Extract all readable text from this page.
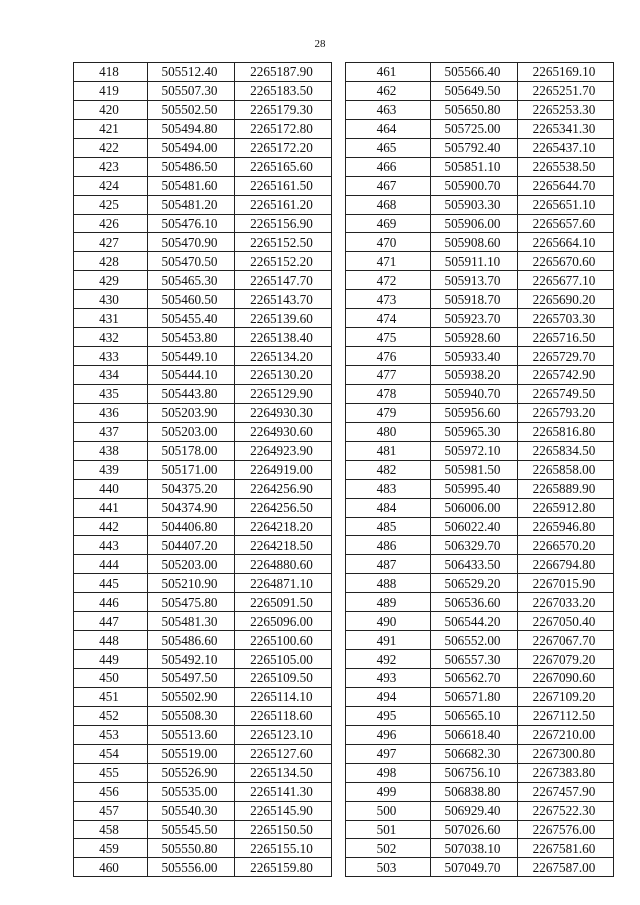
28
418	505512.40	2265187.90
419	505507.30	2265183.50
420	505502.50	2265179.30
421	505494.80	2265172.80
422	505494.00	2265172.20
423	505486.50	2265165.60
424	505481.60	2265161.50
425	505481.20	2265161.20
426	505476.10	2265156.90
427	505470.90	2265152.50
428	505470.50	2265152.20
429	505465.30	2265147.70
430	505460.50	2265143.70
431	505455.40	2265139.60
432	505453.80	2265138.40
433	505449.10	2265134.20
434	505444.10	2265130.20
435	505443.80	2265129.90
436	505203.90	2264930.30
437	505203.00	2264930.60
438	505178.00	2264923.90
439	505171.00	2264919.00
440	504375.20	2264256.90
441	504374.90	2264256.50
442	504406.80	2264218.20
443	504407.20	2264218.50
444	505203.00	2264880.60
445	505210.90	2264871.10
446	505475.80	2265091.50
447	505481.30	2265096.00
448	505486.60	2265100.60
449	505492.10	2265105.00
450	505497.50	2265109.50
451	505502.90	2265114.10
452	505508.30	2265118.60
453	505513.60	2265123.10
454	505519.00	2265127.60
455	505526.90	2265134.50
456	505535.00	2265141.30
457	505540.30	2265145.90
458	505545.50	2265150.50
459	505550.80	2265155.10
460	505556.00	2265159.80
461	505566.40	2265169.10
462	505649.50	2265251.70
463	505650.80	2265253.30
464	505725.00	2265341.30
465	505792.40	2265437.10
466	505851.10	2265538.50
467	505900.70	2265644.70
468	505903.30	2265651.10
469	505906.00	2265657.60
470	505908.60	2265664.10
471	505911.10	2265670.60
472	505913.70	2265677.10
473	505918.70	2265690.20
474	505923.70	2265703.30
475	505928.60	2265716.50
476	505933.40	2265729.70
477	505938.20	2265742.90
478	505940.70	2265749.50
479	505956.60	2265793.20
480	505965.30	2265816.80
481	505972.10	2265834.50
482	505981.50	2265858.00
483	505995.40	2265889.90
484	506006.00	2265912.80
485	506022.40	2265946.80
486	506329.70	2266570.20
487	506433.50	2266794.80
488	506529.20	2267015.90
489	506536.60	2267033.20
490	506544.20	2267050.40
491	506552.00	2267067.70
492	506557.30	2267079.20
493	506562.70	2267090.60
494	506571.80	2267109.20
495	506565.10	2267112.50
496	506618.40	2267210.00
497	506682.30	2267300.80
498	506756.10	2267383.80
499	506838.80	2267457.90
500	506929.40	2267522.30
501	507026.60	2267576.00
502	507038.10	2267581.60
503	507049.70	2267587.00
